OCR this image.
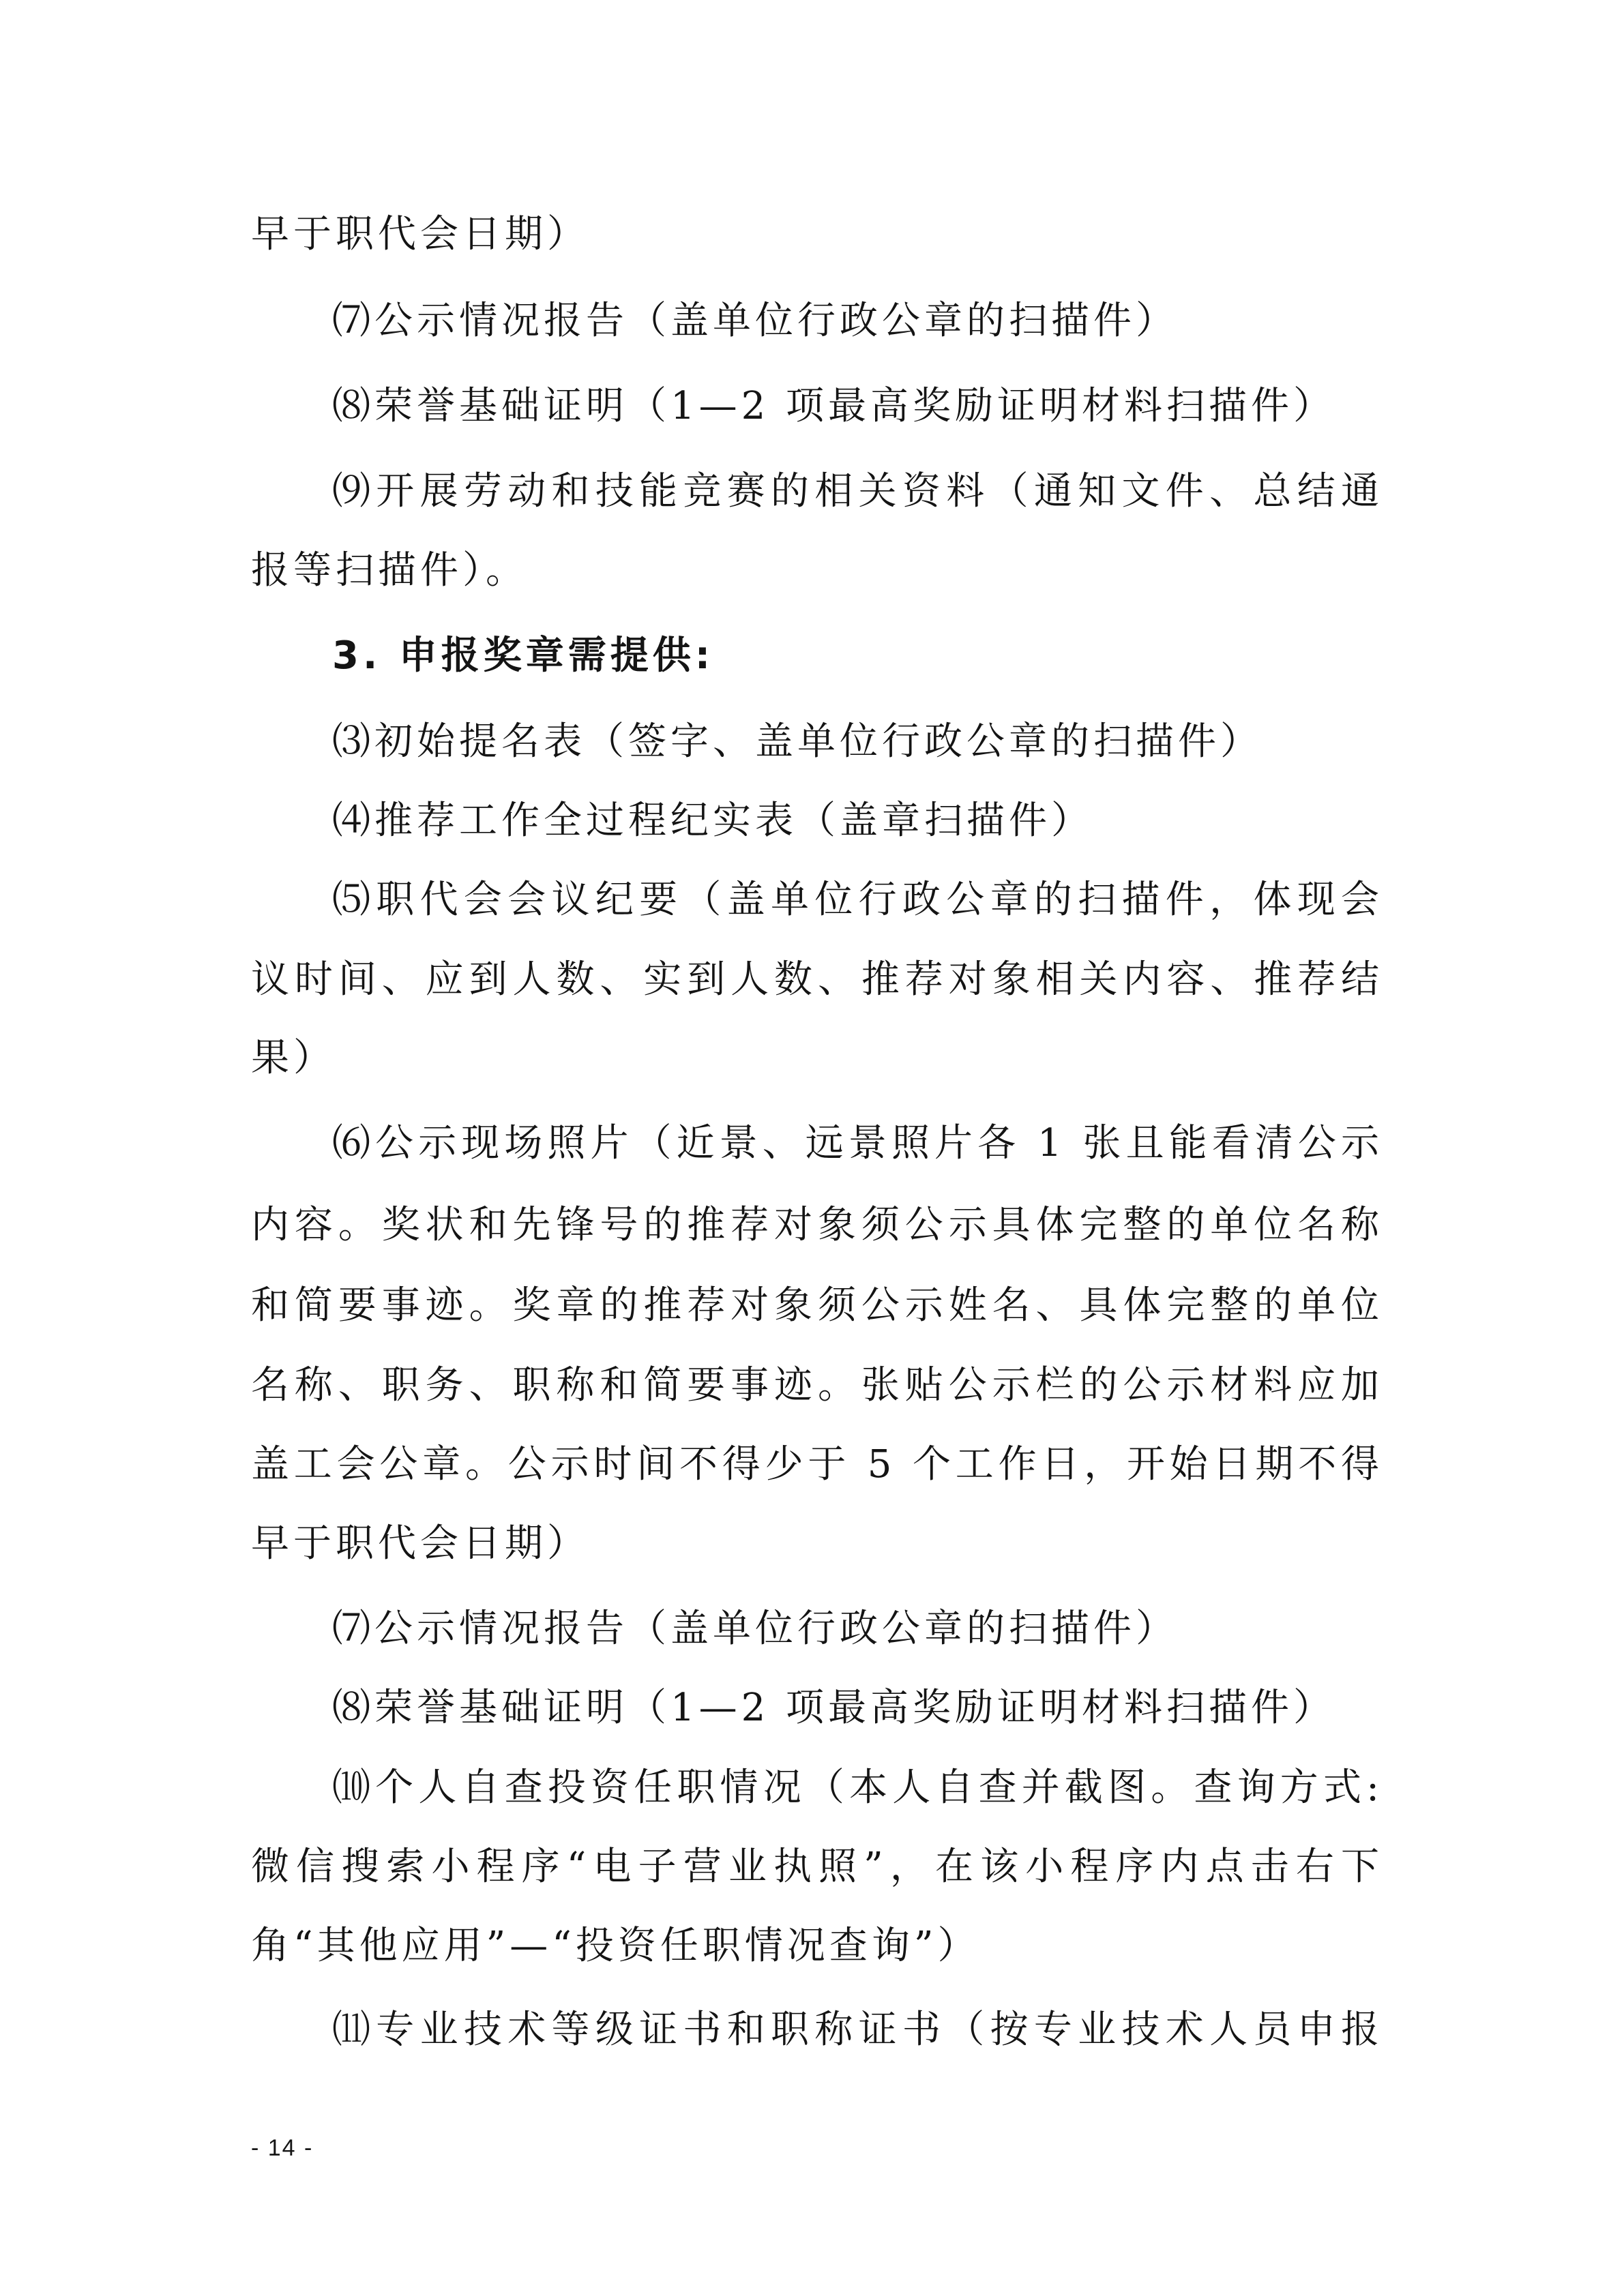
早于职代会日期）
⑺公示情况报告（盖单位行政公章的扫描件）
⑻荣誉基础证明（1—2 项最高奖励证明材料扫描件）
⑼开展劳动和技能竞赛的相关资料（通知文件、总结通
报等扫描件）。
3. 申报奖章需提供:
⑶初始提名表（签字、盖单位行政公章的扫描件）
⑷推荐工作全过程纪实表（盖章扫描件）
⑸职代会会议纪要（盖单位行政公章的扫描件，体现会
议时间、应到人数、实到人数、推荐对象相关内容、推荐结
果）
⑹公示现场照片（近景、远景照片各 1 张且能看清公示
内容。奖状和先锋号的推荐对象须公示具体完整的单位名称
和简要事迹。奖章的推荐对象须公示姓名、具体完整的单位
名称、职务、职称和简要事迹。张贴公示栏的公示材料应加
盖工会公章。公示时间不得少于 5 个工作日，开始日期不得
早于职代会日期）
⑺公示情况报告（盖单位行政公章的扫描件）
⑻荣誉基础证明（1—2 项最高奖励证明材料扫描件）
⑽个人自查投资任职情况（本人自查并截图。查询方式:
微信搜索小程序“电子营业执照”，在该小程序内点击右下
角“其他应用”—“投资任职情况查询”）
⑾专业技术等级证书和职称证书（按专业技术人员申报
- 14 -
